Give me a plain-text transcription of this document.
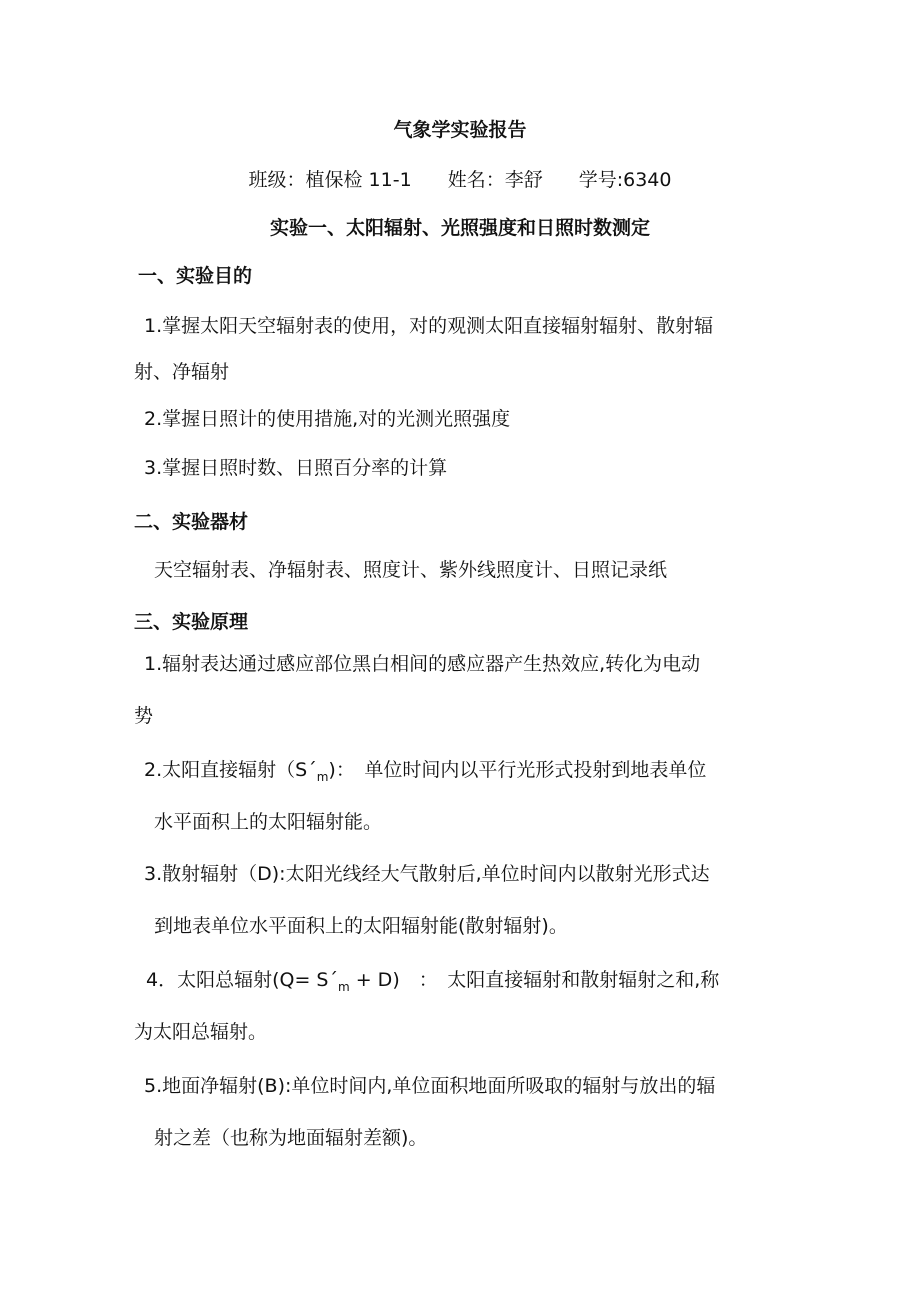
气象学实验报告
班级：植保检 11-1 姓名：李舒 学号:6340
实验一、太阳辐射、光照强度和日照时数测定
一、实验目的
1.掌握太阳天空辐射表的使用，对的观测太阳直接辐射辐射、散射辐
射、净辐射
2.掌握日照计的使用措施,对的光测光照强度
3.掌握日照时数、日照百分率的计算
二、实验器材
天空辐射表、净辐射表、照度计、紫外线照度计、日照记录纸
三、实验原理
1.辐射表达通过感应部位黑白相间的感应器产生热效应,转化为电动
势
2.太阳直接辐射$(S´_m)$：　单位时间内以平行光形式投射到地表单位
水平面积上的太阳辐射能。
3.散射辐射（D):太阳光线经大气散射后,单位时间内以散射光形式达
到地表单位水平面积上的太阳辐射能(散射辐射)。
4．太阳总辐射$(Q= S´_m + D)$　：　太阳直接辐射和散射辐射之和,称
为太阳总辐射。
5.地面净辐射(B):单位时间内,单位面积地面所吸取的辐射与放出的辐
射之差（也称为地面辐射差额)。
